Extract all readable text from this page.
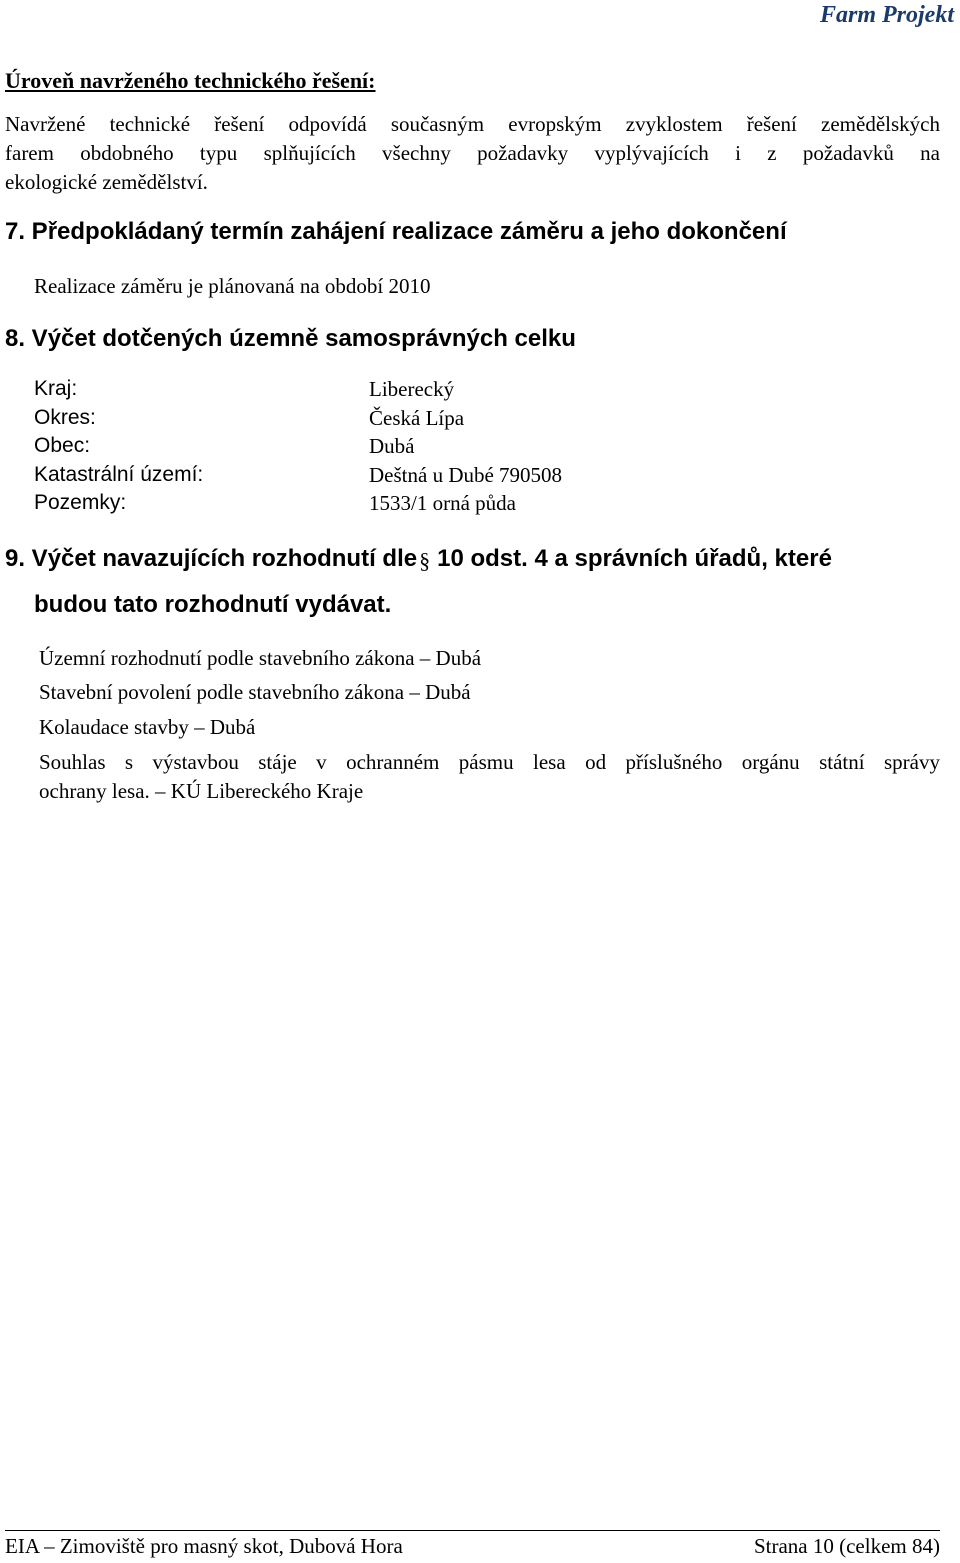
Farm Projekt
Úroveň navrženého technického řešení:
Navržené technické řešení odpovídá současným evropským zvyklostem řešení zemědělských
farem obdobného typu splňujících všechny požadavky vyplývajících i z požadavků na
ekologické zemědělství.
7. Předpokládaný termín zahájení realizace záměru a jeho dokončení
Realizace záměru je plánovaná na období 2010
8. Výčet dotčených územně samosprávných celku
Kraj:	Liberecký
Okres:	Česká Lípa
Obec:	Dubá
Katastrální území:	Deštná u Dubé 790508
Pozemky:	1533/1 orná půda
9. Výčet navazujících rozhodnutí dle§ 10 odst. 4 a správních úřadů, které
budou tato rozhodnutí vydávat.
Územní rozhodnutí podle stavebního zákona – Dubá
Stavební povolení podle stavebního zákona – Dubá
Kolaudace stavby – Dubá
Souhlas s výstavbou stáje v ochranném pásmu lesa od příslušného orgánu státní správy
ochrany lesa. – KÚ Libereckého Kraje
EIA – Zimoviště pro masný skot, Dubová Hora	Strana 10 (celkem 84)
